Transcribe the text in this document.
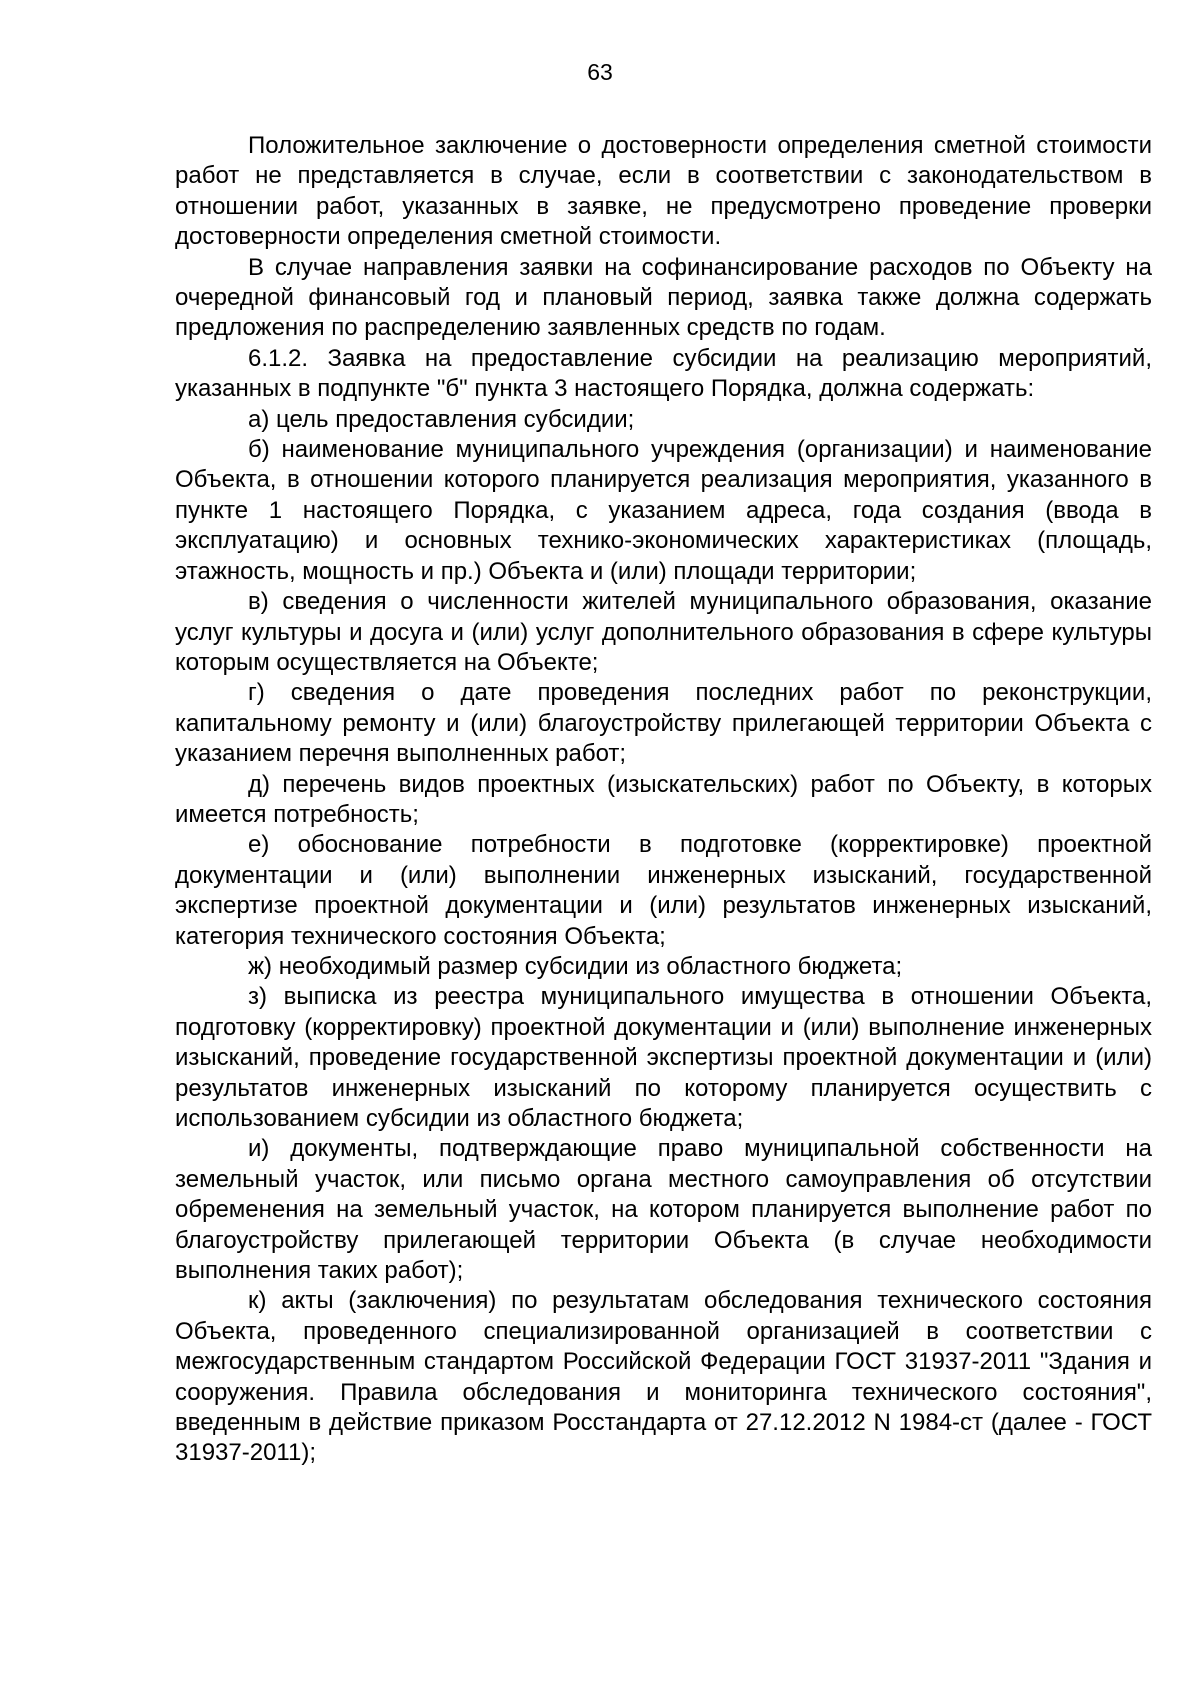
63

Положительное заключение о достоверности определения сметной стоимости работ не представляется в случае, если в соответствии с законодательством в отношении работ, указанных в заявке, не предусмотрено проведение проверки достоверности определения сметной стоимости.

В случае направления заявки на софинансирование расходов по Объекту на очередной финансовый год и плановый период, заявка также должна содержать предложения по распределению заявленных средств по годам.

6.1.2. Заявка на предоставление субсидии на реализацию мероприятий, указанных в подпункте "б" пункта 3 настоящего Порядка, должна содержать:

а) цель предоставления субсидии;

б) наименование муниципального учреждения (организации) и наименование Объекта, в отношении которого планируется реализация мероприятия, указанного в пункте 1 настоящего Порядка, с указанием адреса, года создания (ввода в эксплуатацию) и основных технико-экономических характеристиках (площадь, этажность, мощность и пр.) Объекта и (или) площади территории;

в) сведения о численности жителей муниципального образования, оказание услуг культуры и досуга и (или) услуг дополнительного образования в сфере культуры которым осуществляется на Объекте;

г) сведения о дате проведения последних работ по реконструкции, капитальному ремонту и (или) благоустройству прилегающей территории Объекта с указанием перечня выполненных работ;

д) перечень видов проектных (изыскательских) работ по Объекту, в которых имеется потребность;

е) обоснование потребности в подготовке (корректировке) проектной документации и (или) выполнении инженерных изысканий, государственной экспертизе проектной документации и (или) результатов инженерных изысканий, категория технического состояния Объекта;

ж) необходимый размер субсидии из областного бюджета;

з) выписка из реестра муниципального имущества в отношении Объекта, подготовку (корректировку) проектной документации и (или) выполнение инженерных изысканий, проведение государственной экспертизы проектной документации и (или) результатов инженерных изысканий по которому планируется осуществить с использованием субсидии из областного бюджета;

и) документы, подтверждающие право муниципальной собственности на земельный участок, или письмо органа местного самоуправления об отсутствии обременения на земельный участок, на котором планируется выполнение работ по благоустройству прилегающей территории Объекта (в случае необходимости выполнения таких работ);

к) акты (заключения) по результатам обследования технического состояния Объекта, проведенного специализированной организацией в соответствии с межгосударственным стандартом Российской Федерации ГОСТ 31937-2011 "Здания и сооружения. Правила обследования и мониторинга технического состояния", введенным в действие приказом Росстандарта от 27.12.2012 N 1984-ст (далее - ГОСТ 31937-2011);
